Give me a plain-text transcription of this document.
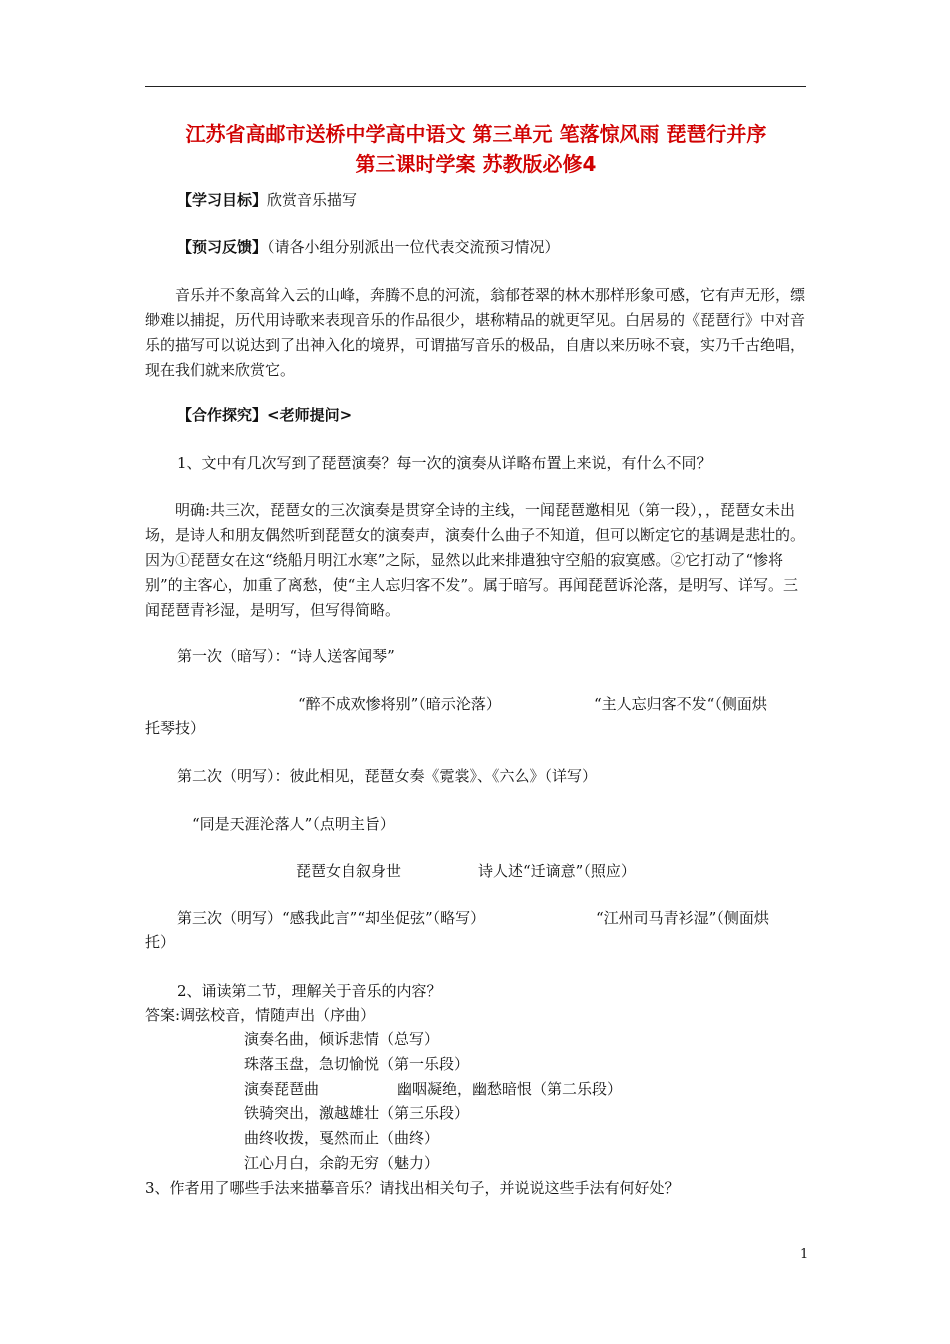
江苏省高邮市送桥中学高中语文 第三单元 笔落惊风雨 琵琶行并序
第三课时学案 苏教版必修4
【学习目标】欣赏音乐描写
【预习反馈】（请各小组分别派出一位代表交流预习情况）
音乐并不象高耸入云的山峰，奔腾不息的河流，翁郁苍翠的林木那样形象可感，它有声无形，缥缈难以捕捉，历代用诗歌来表现音乐的作品很少，堪称精品的就更罕见。白居易的《琵琶行》中对音乐的描写可以说达到了出神入化的境界，可谓描写音乐的极品，自唐以来历咏不衰，实乃千古绝唱，现在我们就来欣赏它。
【合作探究】<老师提问>
1、文中有几次写到了琵琶演奏？每一次的演奏从详略布置上来说，有什么不同？
明确:共三次，琵琶女的三次演奏是贯穿全诗的主线，一闻琵琶邀相见（第一段），，琵琶女未出场，是诗人和朋友偶然听到琵琶女的演奏声，演奏什么曲子不知道，但可以断定它的基调是悲壮的。因为①琵琶女在这“绕船月明江水寒”之际，显然以此来排遣独守空船的寂寞感。②它打动了“惨将别”的主客心，加重了离愁，使“主人忘归客不发”。属于暗写。再闻琵琶诉沦落，是明写、详写。三闻琵琶青衫湿，是明写，但写得简略。
第一次（暗写）：“诗人送客闻琴”
“醉不成欢惨将别”（暗示沦落）	“主人忘归客不发“（侧面烘
托琴技）
第二次（明写）：彼此相见，琵琶女奏《霓裳》、《六么》（详写）
“同是天涯沦落人”（点明主旨）
琵琶女自叙身世	诗人述“迁谪意”（照应）
第三次（明写）“感我此言”“却坐促弦”（略写）	“江州司马青衫湿”（侧面烘
托）
2、诵读第二节，理解关于音乐的内容？
答案:调弦校音，情随声出（序曲）
演奏名曲，倾诉悲情（总写）
珠落玉盘，急切愉悦（第一乐段）
演奏琵琶曲	幽咽凝绝，幽愁暗恨（第二乐段）
铁骑突出，激越雄壮（第三乐段）
曲终收拨，戛然而止（曲终）
江心月白，余韵无穷（魅力）
3、作者用了哪些手法来描摹音乐？请找出相关句子，并说说这些手法有何好处？
1
